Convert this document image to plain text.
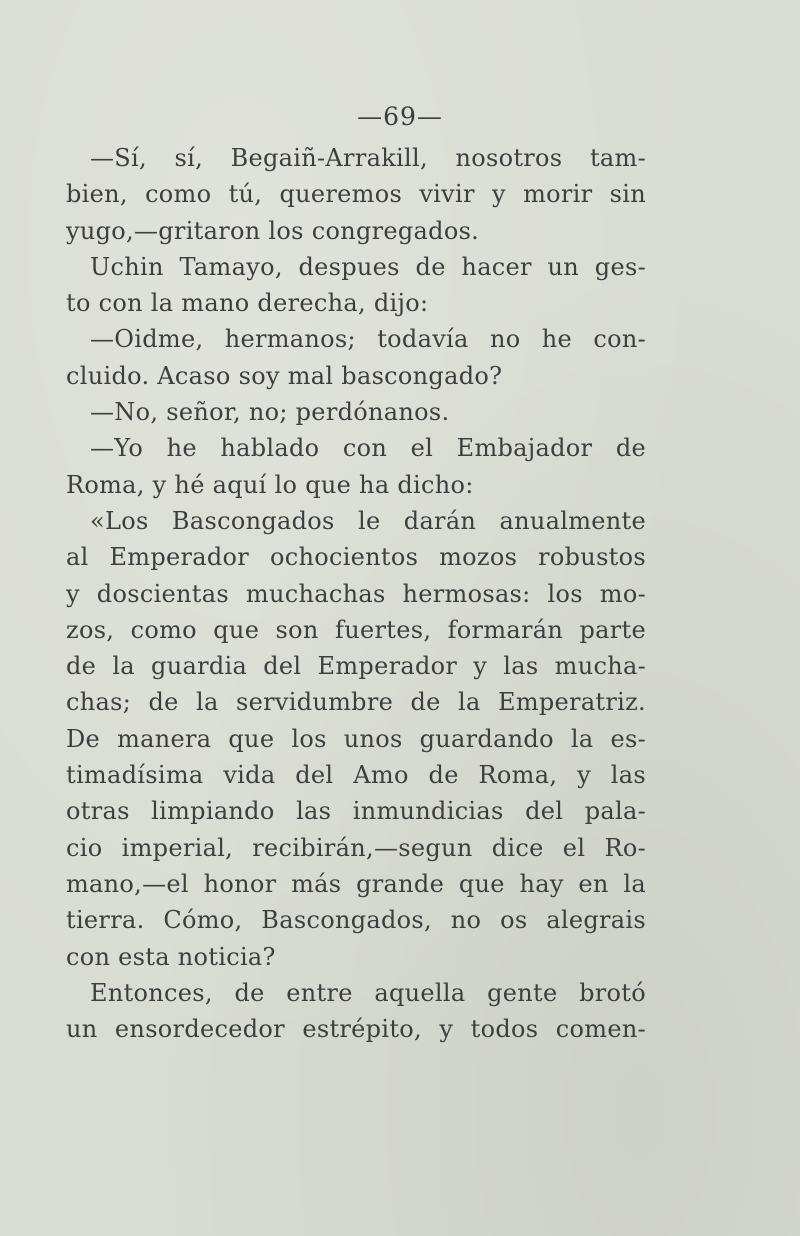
—69—
—Sí, sí, Begaiñ-Arrakill, nosotros tam-
bien, como tú, queremos vivir y morir sin
yugo,—gritaron los congregados.
Uchin Tamayo, despues de hacer un ges-
to con la mano derecha, dijo:
—Oidme, hermanos; todavía no he con-
cluido. Acaso soy mal bascongado?
—No, señor, no; perdónanos.
—Yo he hablado con el Embajador de
Roma, y hé aquí lo que ha dicho:
«Los Bascongados le darán anualmente
al Emperador ochocientos mozos robustos
y doscientas muchachas hermosas: los mo-
zos, como que son fuertes, formarán parte
de la guardia del Emperador y las mucha-
chas; de la servidumbre de la Emperatriz.
De manera que los unos guardando la es-
timadísima vida del Amo de Roma, y las
otras limpiando las inmundicias del pala-
cio imperial, recibirán,—segun dice el Ro-
mano,—el honor más grande que hay en la
tierra. Cómo, Bascongados, no os alegrais
con esta noticia?
Entonces, de entre aquella gente brotó
un ensordecedor estrépito, y todos comen-
